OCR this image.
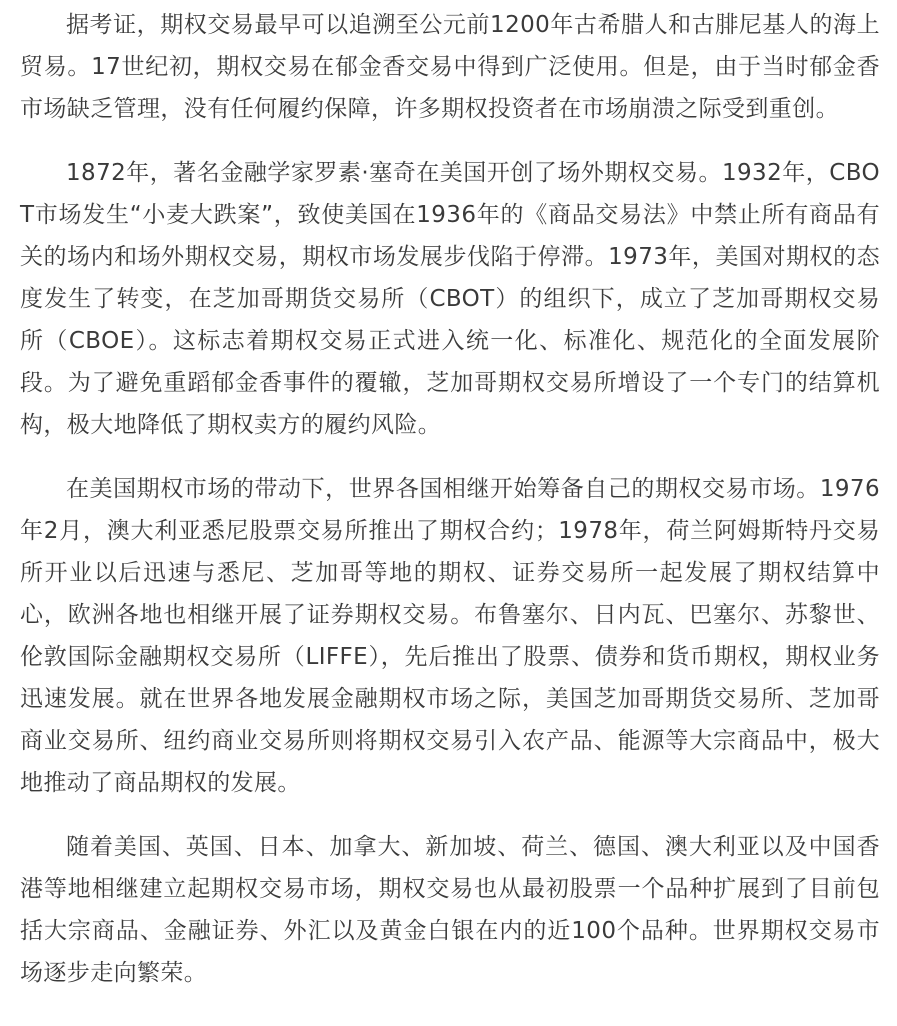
据考证，期权交易最早可以追溯至公元前1200年古希腊人和古腓尼基人的海上贸易。17世纪初，期权交易在郁金香交易中得到广泛使用。但是，由于当时郁金香市场缺乏管理，没有任何履约保障，许多期权投资者在市场崩溃之际受到重创。

1872年，著名金融学家罗素·塞奇在美国开创了场外期权交易。1932年，CBOT市场发生“小麦大跌案”，致使美国在1936年的《商品交易法》中禁止所有商品有关的场内和场外期权交易，期权市场发展步伐陷于停滞。1973年，美国对期权的态度发生了转变，在芝加哥期货交易所（CBOT）的组织下，成立了芝加哥期权交易所（CBOE）。这标志着期权交易正式进入统一化、标准化、规范化的全面发展阶段。为了避免重蹈郁金香事件的覆辙，芝加哥期权交易所增设了一个专门的结算机构，极大地降低了期权卖方的履约风险。

在美国期权市场的带动下，世界各国相继开始筹备自己的期权交易市场。1976年2月，澳大利亚悉尼股票交易所推出了期权合约；1978年，荷兰阿姆斯特丹交易所开业以后迅速与悉尼、芝加哥等地的期权、证券交易所一起发展了期权结算中心，欧洲各地也相继开展了证券期权交易。布鲁塞尔、日内瓦、巴塞尔、苏黎世、伦敦国际金融期权交易所（LIFFE），先后推出了股票、债券和货币期权，期权业务迅速发展。就在世界各地发展金融期权市场之际，美国芝加哥期货交易所、芝加哥商业交易所、纽约商业交易所则将期权交易引入农产品、能源等大宗商品中，极大地推动了商品期权的发展。

随着美国、英国、日本、加拿大、新加坡、荷兰、德国、澳大利亚以及中国香港等地相继建立起期权交易市场，期权交易也从最初股票一个品种扩展到了目前包括大宗商品、金融证券、外汇以及黄金白银在内的近100个品种。世界期权交易市场逐步走向繁荣。
